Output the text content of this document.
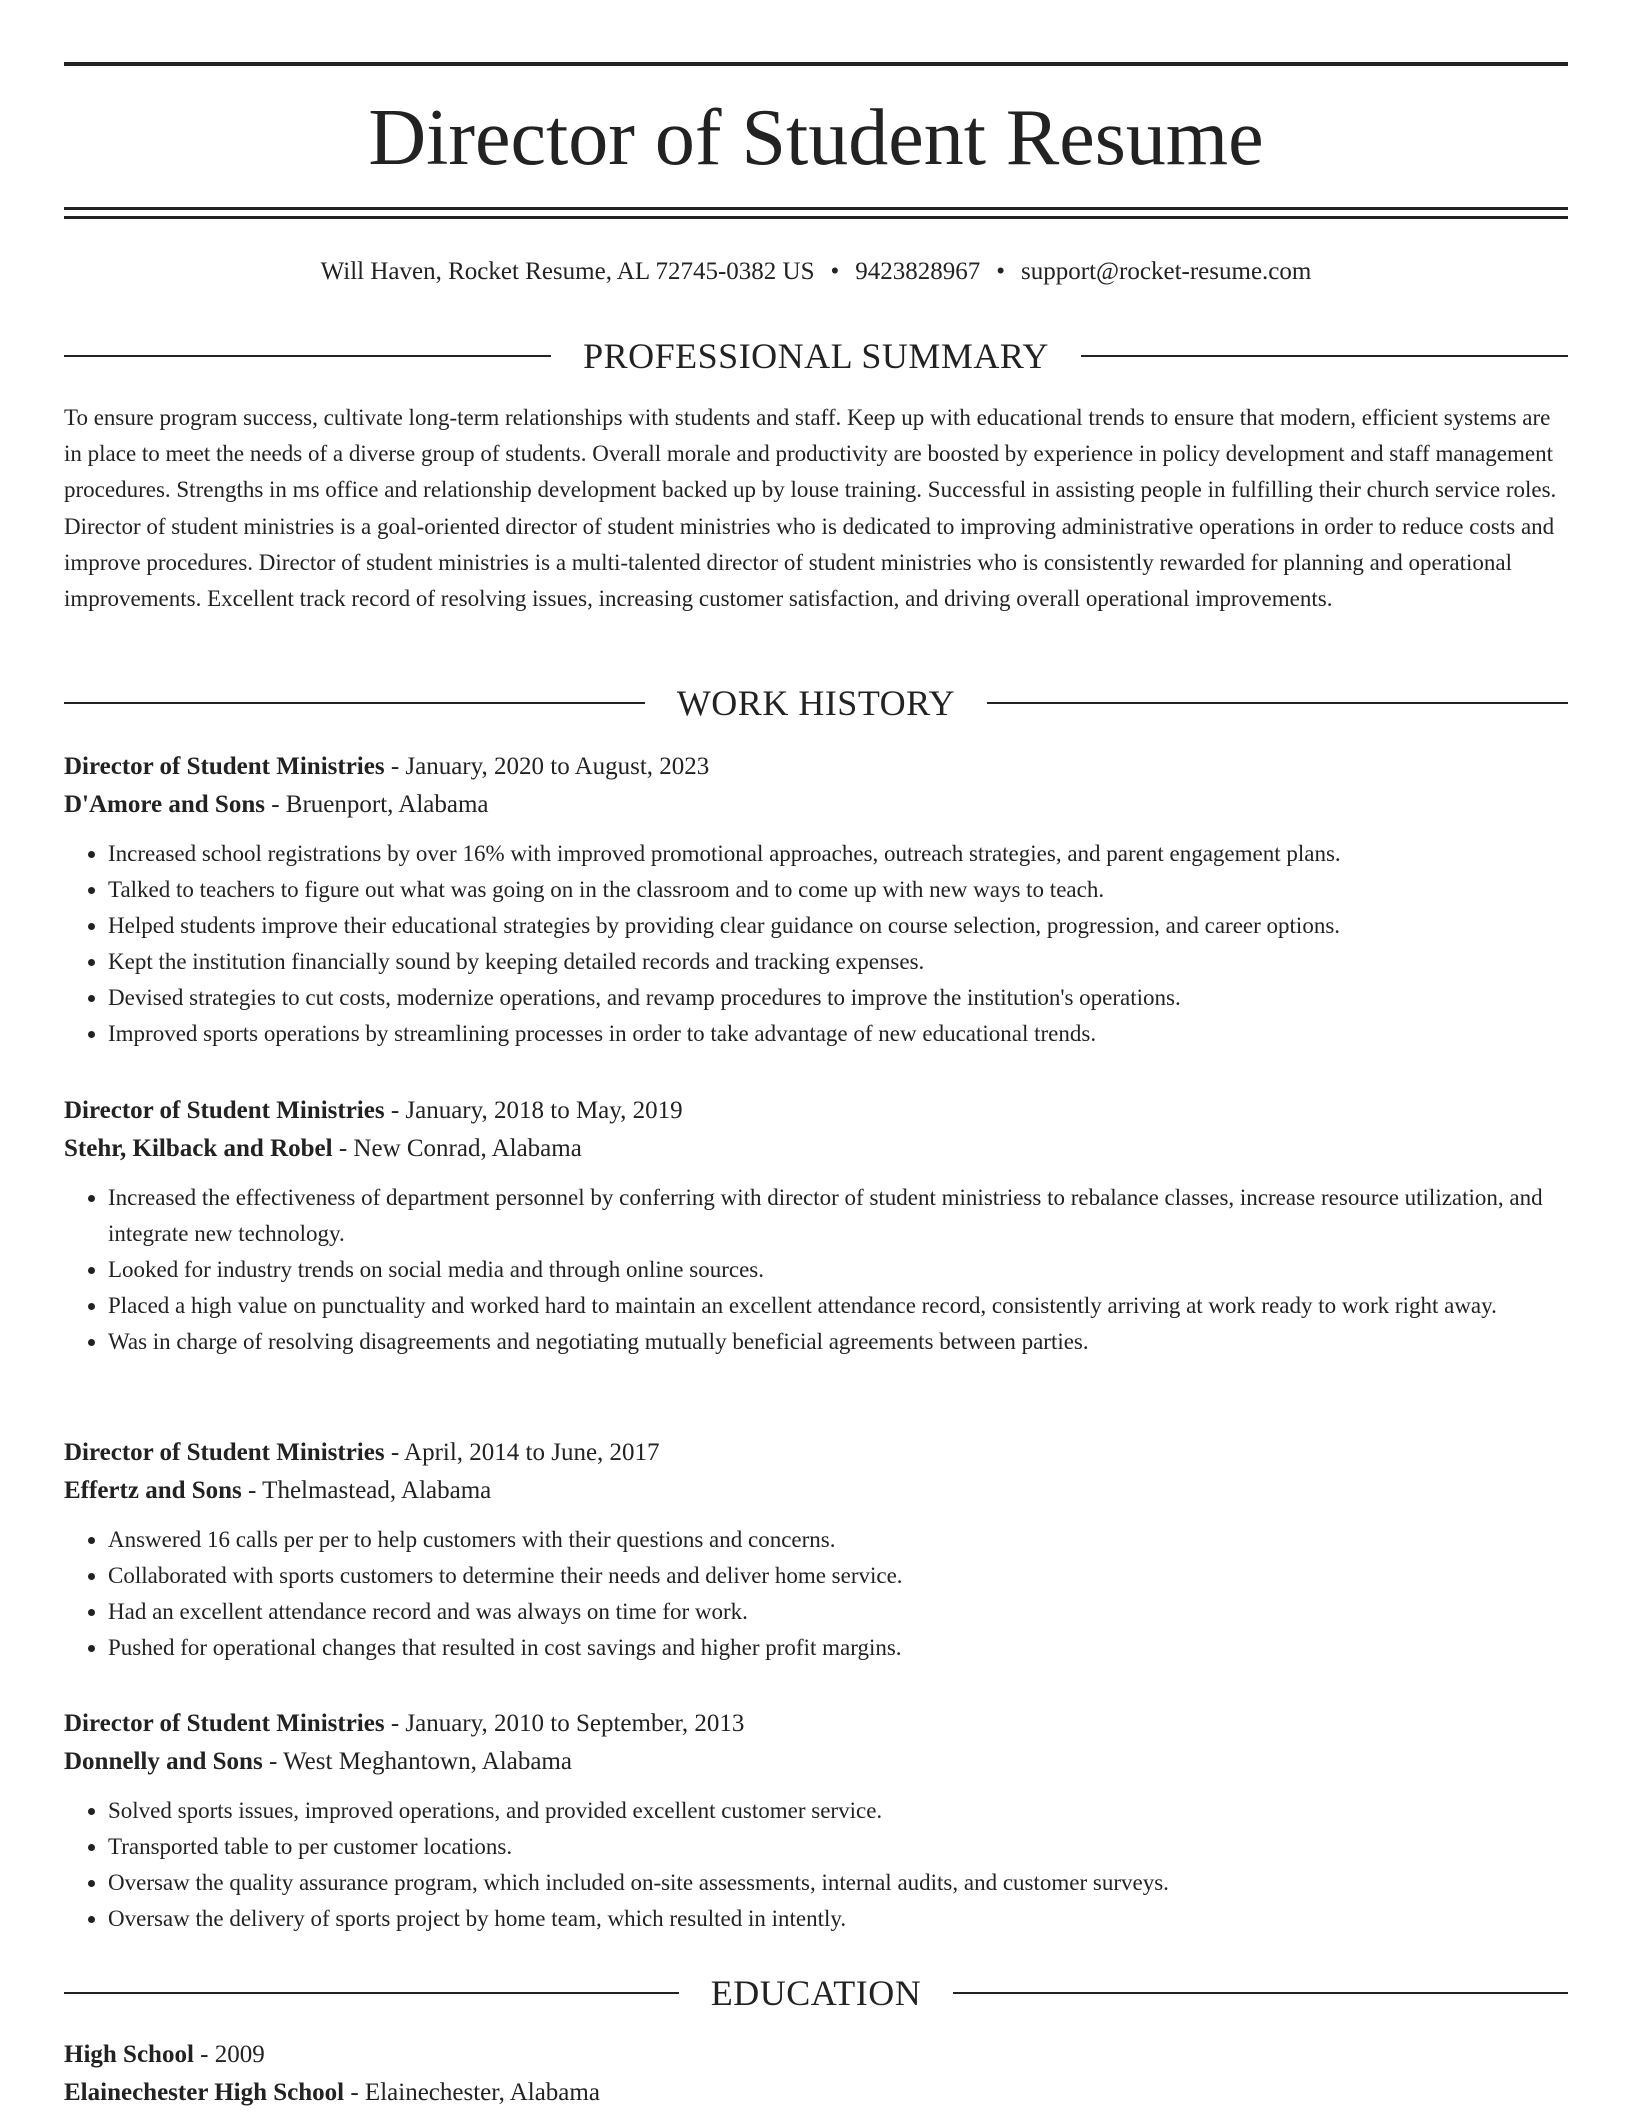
Director of Student Resume
Will Haven, Rocket Resume, AL 72745-0382 US • 9423828967 • support@rocket-resume.com
PROFESSIONAL SUMMARY

To ensure program success, cultivate long-term relationships with students and staff. Keep up with educational trends to ensure that modern, efficient systems are in place to meet the needs of a diverse group of students. Overall morale and productivity are boosted by experience in policy development and staff management procedures. Strengths in ms office and relationship development backed up by louse training. Successful in assisting people in fulfilling their church service roles. Director of student ministries is a goal-oriented director of student ministries who is dedicated to improving administrative operations in order to reduce costs and improve procedures. Director of student ministries is a multi-talented director of student ministries who is consistently rewarded for planning and operational improvements. Excellent track record of resolving issues, increasing customer satisfaction, and driving overall operational improvements.

WORK HISTORY
Director of Student Ministries - January, 2020 to August, 2023
D'Amore and Sons - Bruenport, Alabama
• Increased school registrations by over 16% with improved promotional approaches, outreach strategies, and parent engagement plans.
• Talked to teachers to figure out what was going on in the classroom and to come up with new ways to teach.
• Helped students improve their educational strategies by providing clear guidance on course selection, progression, and career options.
• Kept the institution financially sound by keeping detailed records and tracking expenses.
• Devised strategies to cut costs, modernize operations, and revamp procedures to improve the institution's operations.
• Improved sports operations by streamlining processes in order to take advantage of new educational trends.
Director of Student Ministries - January, 2018 to May, 2019
Stehr, Kilback and Robel - New Conrad, Alabama
• Increased the effectiveness of department personnel by conferring with director of student ministriess to rebalance classes, increase resource utilization, and integrate new technology.
• Looked for industry trends on social media and through online sources.
• Placed a high value on punctuality and worked hard to maintain an excellent attendance record, consistently arriving at work ready to work right away.
• Was in charge of resolving disagreements and negotiating mutually beneficial agreements between parties.
Director of Student Ministries - April, 2014 to June, 2017
Effertz and Sons - Thelmastead, Alabama
• Answered 16 calls per per to help customers with their questions and concerns.
• Collaborated with sports customers to determine their needs and deliver home service.
• Had an excellent attendance record and was always on time for work.
• Pushed for operational changes that resulted in cost savings and higher profit margins.
Director of Student Ministries - January, 2010 to September, 2013
Donnelly and Sons - West Meghantown, Alabama
• Solved sports issues, improved operations, and provided excellent customer service.
• Transported table to per customer locations.
• Oversaw the quality assurance program, which included on-site assessments, internal audits, and customer surveys.
• Oversaw the delivery of sports project by home team, which resulted in intently.
EDUCATION
High School - 2009
Elainechester High School - Elainechester, Alabama
